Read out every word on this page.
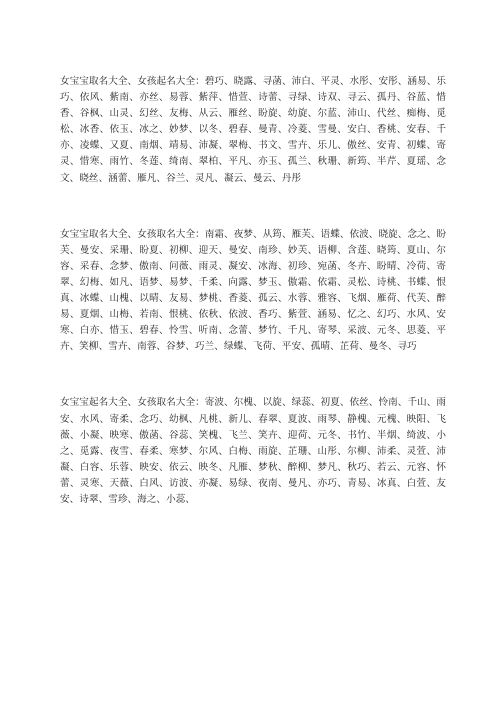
女宝宝取名大全、女孩起名大全：碧巧、晓露、寻菡、沛白、平灵、水彤、安彤、涵易、乐巧、依风、紫南、亦丝、易蓉、紫萍、惜萱、诗蕾、寻绿、诗双、寻云、孤丹、谷蓝、惜香、谷枫、山灵、幻丝、友梅、从云、雁丝、盼旋、幼旋、尔蓝、沛山、代丝、痴梅、觅松、冰香、依玉、冰之、妙梦、以冬、碧春、曼青、冷菱、雪曼、安白、香桃、安春、千亦、凌蝶、又夏、南烟、靖易、沛凝、翠梅、书文、雪卉、乐儿、傲丝、安青、初蝶、寄灵、惜寒、雨竹、冬莲、绮南、翠柏、平凡、亦玉、孤兰、秋珊、新筠、半芹、夏瑶、念文、晓丝、涵蕾、雁凡、谷兰、灵凡、凝云、曼云、丹彤

女宝宝取名大全、女孩取名大全：南霜、夜梦、从筠、雁芙、语蝶、依波、晓旋、念之、盼芙、曼安、采珊、盼夏、初柳、迎天、曼安、南珍、妙芙、语柳、含莲、晓筠、夏山、尔容、采春、念梦、傲南、问薇、雨灵、凝安、冰海、初珍、宛菡、冬卉、盼晴、冷荷、寄翠、幻梅、如凡、语梦、易梦、千柔、向露、梦玉、傲霜、依霜、灵松、诗桃、书蝶、恨真、冰蝶、山槐、以晴、友易、梦桃、香菱、孤云、水蓉、雅容、飞烟、雁荷、代芙、醉易、夏烟、山梅、若南、恨桃、依秋、依波、香巧、紫萱、涵易、忆之、幻巧、水风、安寒、白亦、惜玉、碧春、怜雪、听南、念蕾、梦竹、千凡、寄琴、采波、元冬、思菱、平卉、笑柳、雪卉、南蓉、谷梦、巧兰、绿蝶、飞荷、平安、孤晴、芷荷、曼冬、寻巧

女宝宝起名大全、女孩取名大全：寄波、尔槐、以旋、绿蕊、初夏、依丝、怜南、千山、雨安、水风、寄柔、念巧、幼枫、凡桃、新儿、春翠、夏波、雨琴、静槐、元槐、映阳、飞薇、小凝、映寒、傲菡、谷蕊、笑槐、飞兰、笑卉、迎荷、元冬、书竹、半烟、绮波、小之、觅露、夜雪、春柔、寒梦、尔风、白梅、雨旋、芷珊、山彤、尔柳、沛柔、灵萱、沛凝、白容、乐蓉、映安、依云、映冬、凡雁、梦秋、醉柳、梦凡、秋巧、若云、元容、怀蕾、灵寒、天薇、白风、访波、亦凝、易绿、夜南、曼凡、亦巧、青易、冰真、白萱、友安、诗翠、雪珍、海之、小蕊、
